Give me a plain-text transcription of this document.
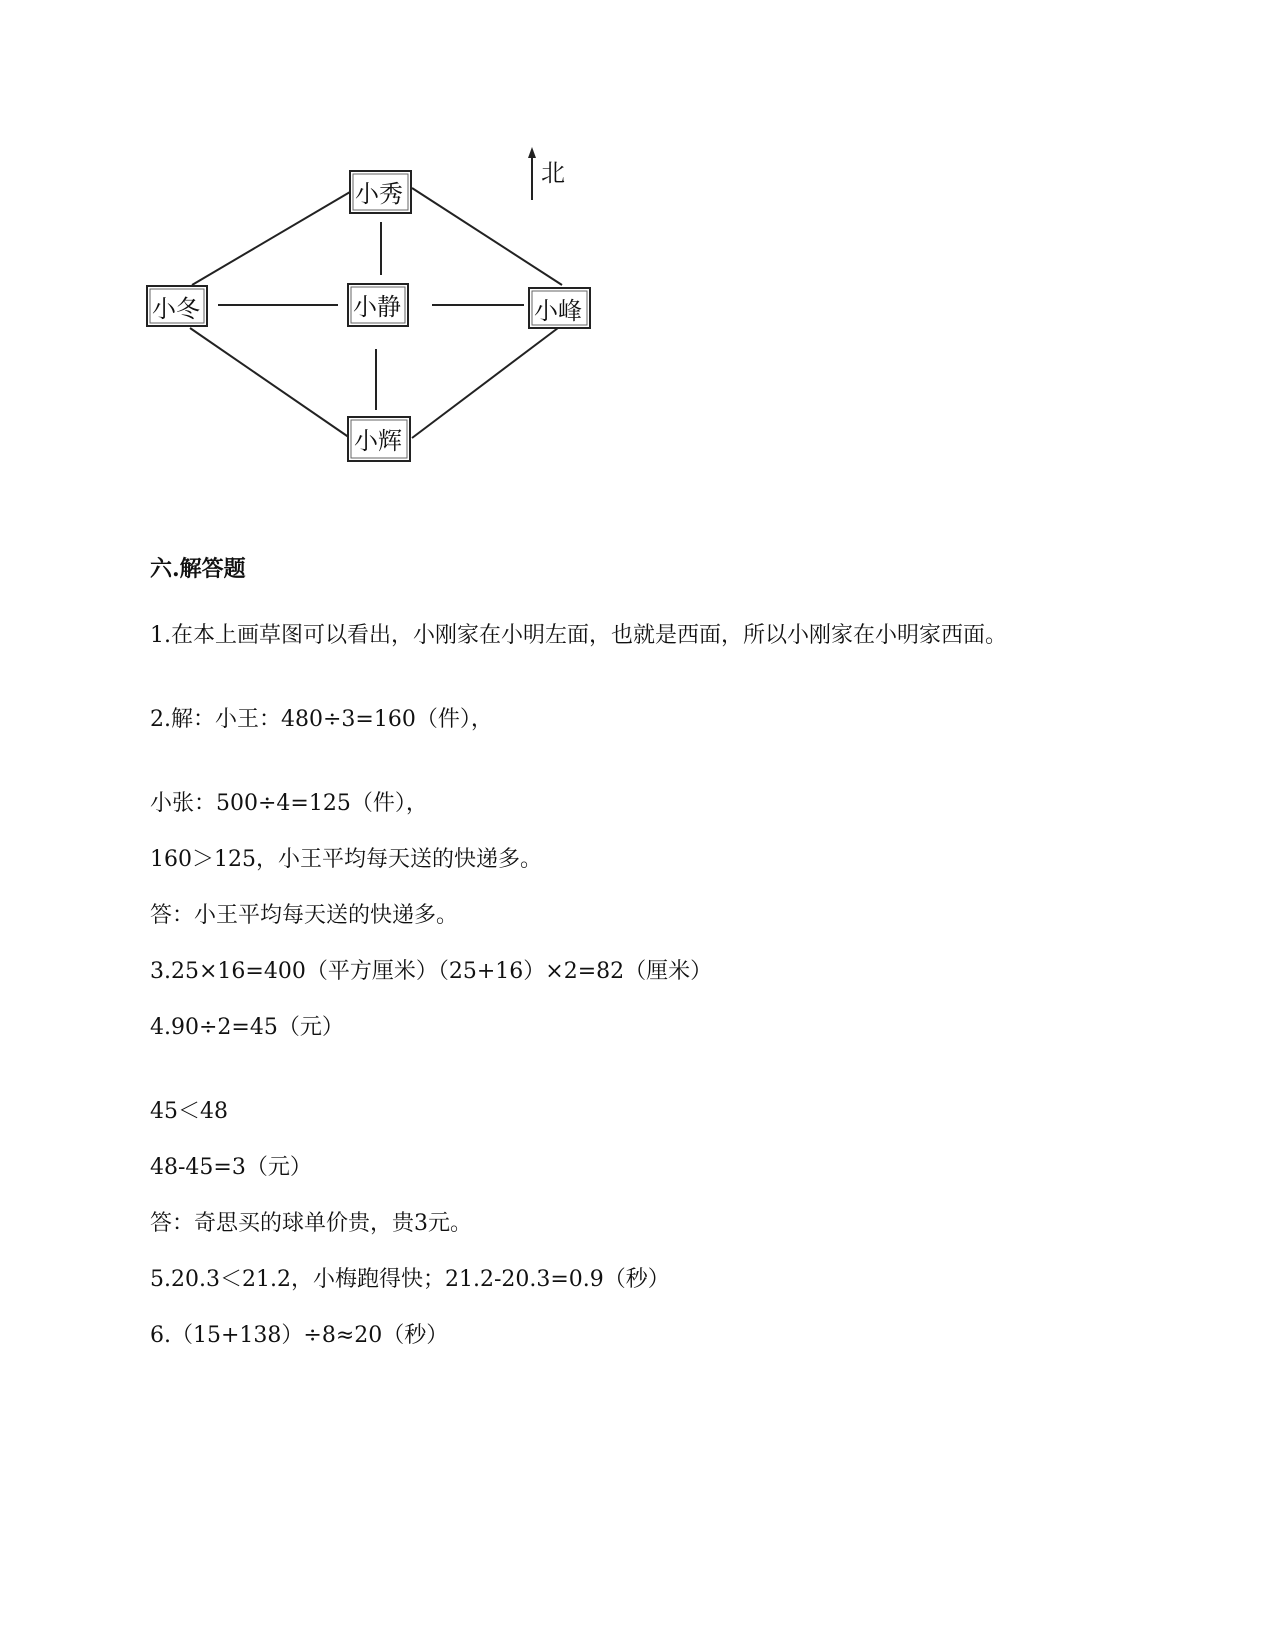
北
小秀
小冬	小静	小峰
小辉
六.解答题
1.在本上画草图可以看出，小刚家在小明左面，也就是西面，所以小刚家在小明家西面。
2.解：小王：480÷3=160（件），
小张：500÷4=125（件），
160＞125，小王平均每天送的快递多。
答：小王平均每天送的快递多。
3.25×16=400（平方厘米）（25+16）×2=82（厘米）
4.90÷2=45（元）
45＜48
48-45=3（元）
答：奇思买的球单价贵，贵3元。
5.20.3＜21.2，小梅跑得快；21.2-20.3=0.9（秒）
6.（15+138）÷8≈20（秒）
